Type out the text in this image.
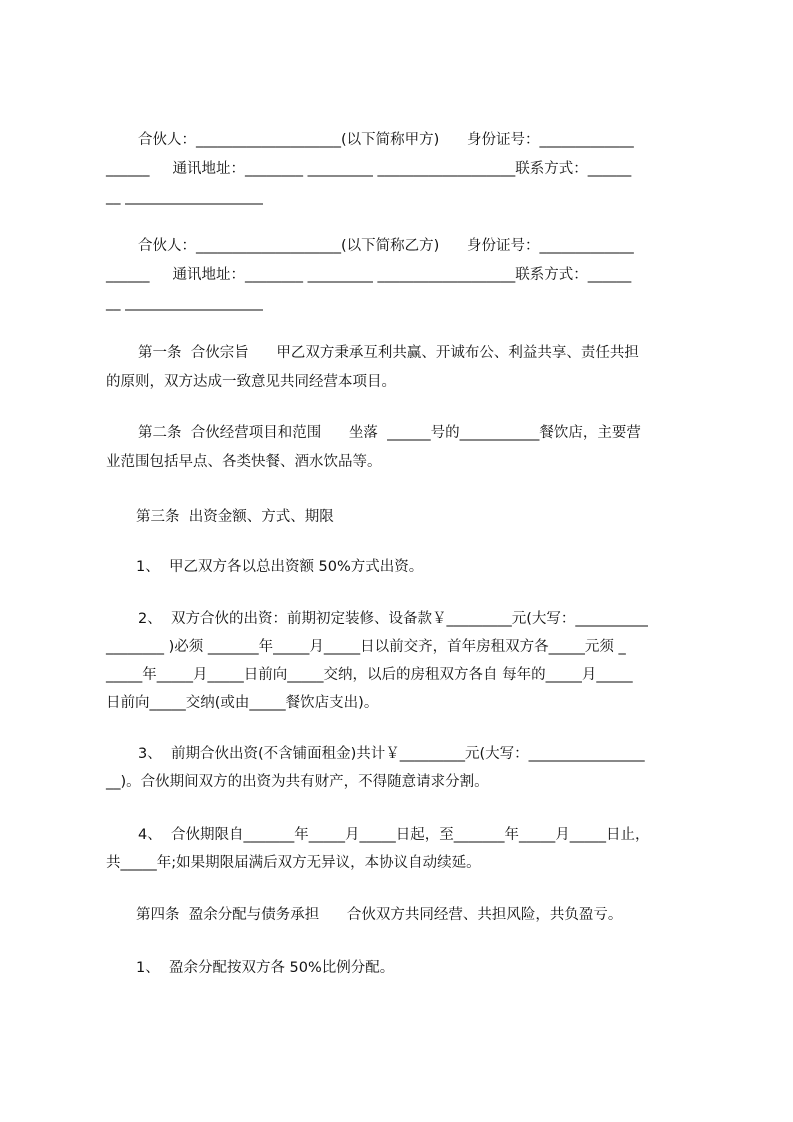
合伙人：____________________(以下简称甲方)      身份证号：_____________
______     通讯地址：________ _________ ___________________联系方式：______
__ ___________________
合伙人：____________________(以下简称乙方)      身份证号：_____________
______     通讯地址：________ _________ ___________________联系方式：______
__ ___________________
第一条  合伙宗旨      甲乙双方秉承互利共赢、开诚布公、利益共享、责任共担
的原则，双方达成一致意见共同经营本项目。
第二条  合伙经营项目和范围      坐落  ______号的___________餐饮店，主要营
业范围包括早点、各类快餐、酒水饮品等。
第三条  出资金额、方式、期限
1、  甲乙双方各以总出资额 50%方式出资。
2、  双方合伙的出资：前期初定装修、设备款￥_________元(大写：__________
________ )必须 _______年_____月_____日以前交齐，首年房租双方各_____元须 _
_____年_____月_____日前向_____交纳，以后的房租双方各自 每年的_____月_____
日前向_____交纳(或由_____餐饮店支出)。
3、  前期合伙出资(不含铺面租金)共计￥_________元(大写：________________
__)。合伙期间双方的出资为共有财产，不得随意请求分割。
4、  合伙期限自_______年_____月_____日起，至_______年_____月_____日止，
共_____年;如果期限届满后双方无异议，本协议自动续延。
第四条  盈余分配与债务承担      合伙双方共同经营、共担风险，共负盈亏。
1、  盈余分配按双方各 50%比例分配。
